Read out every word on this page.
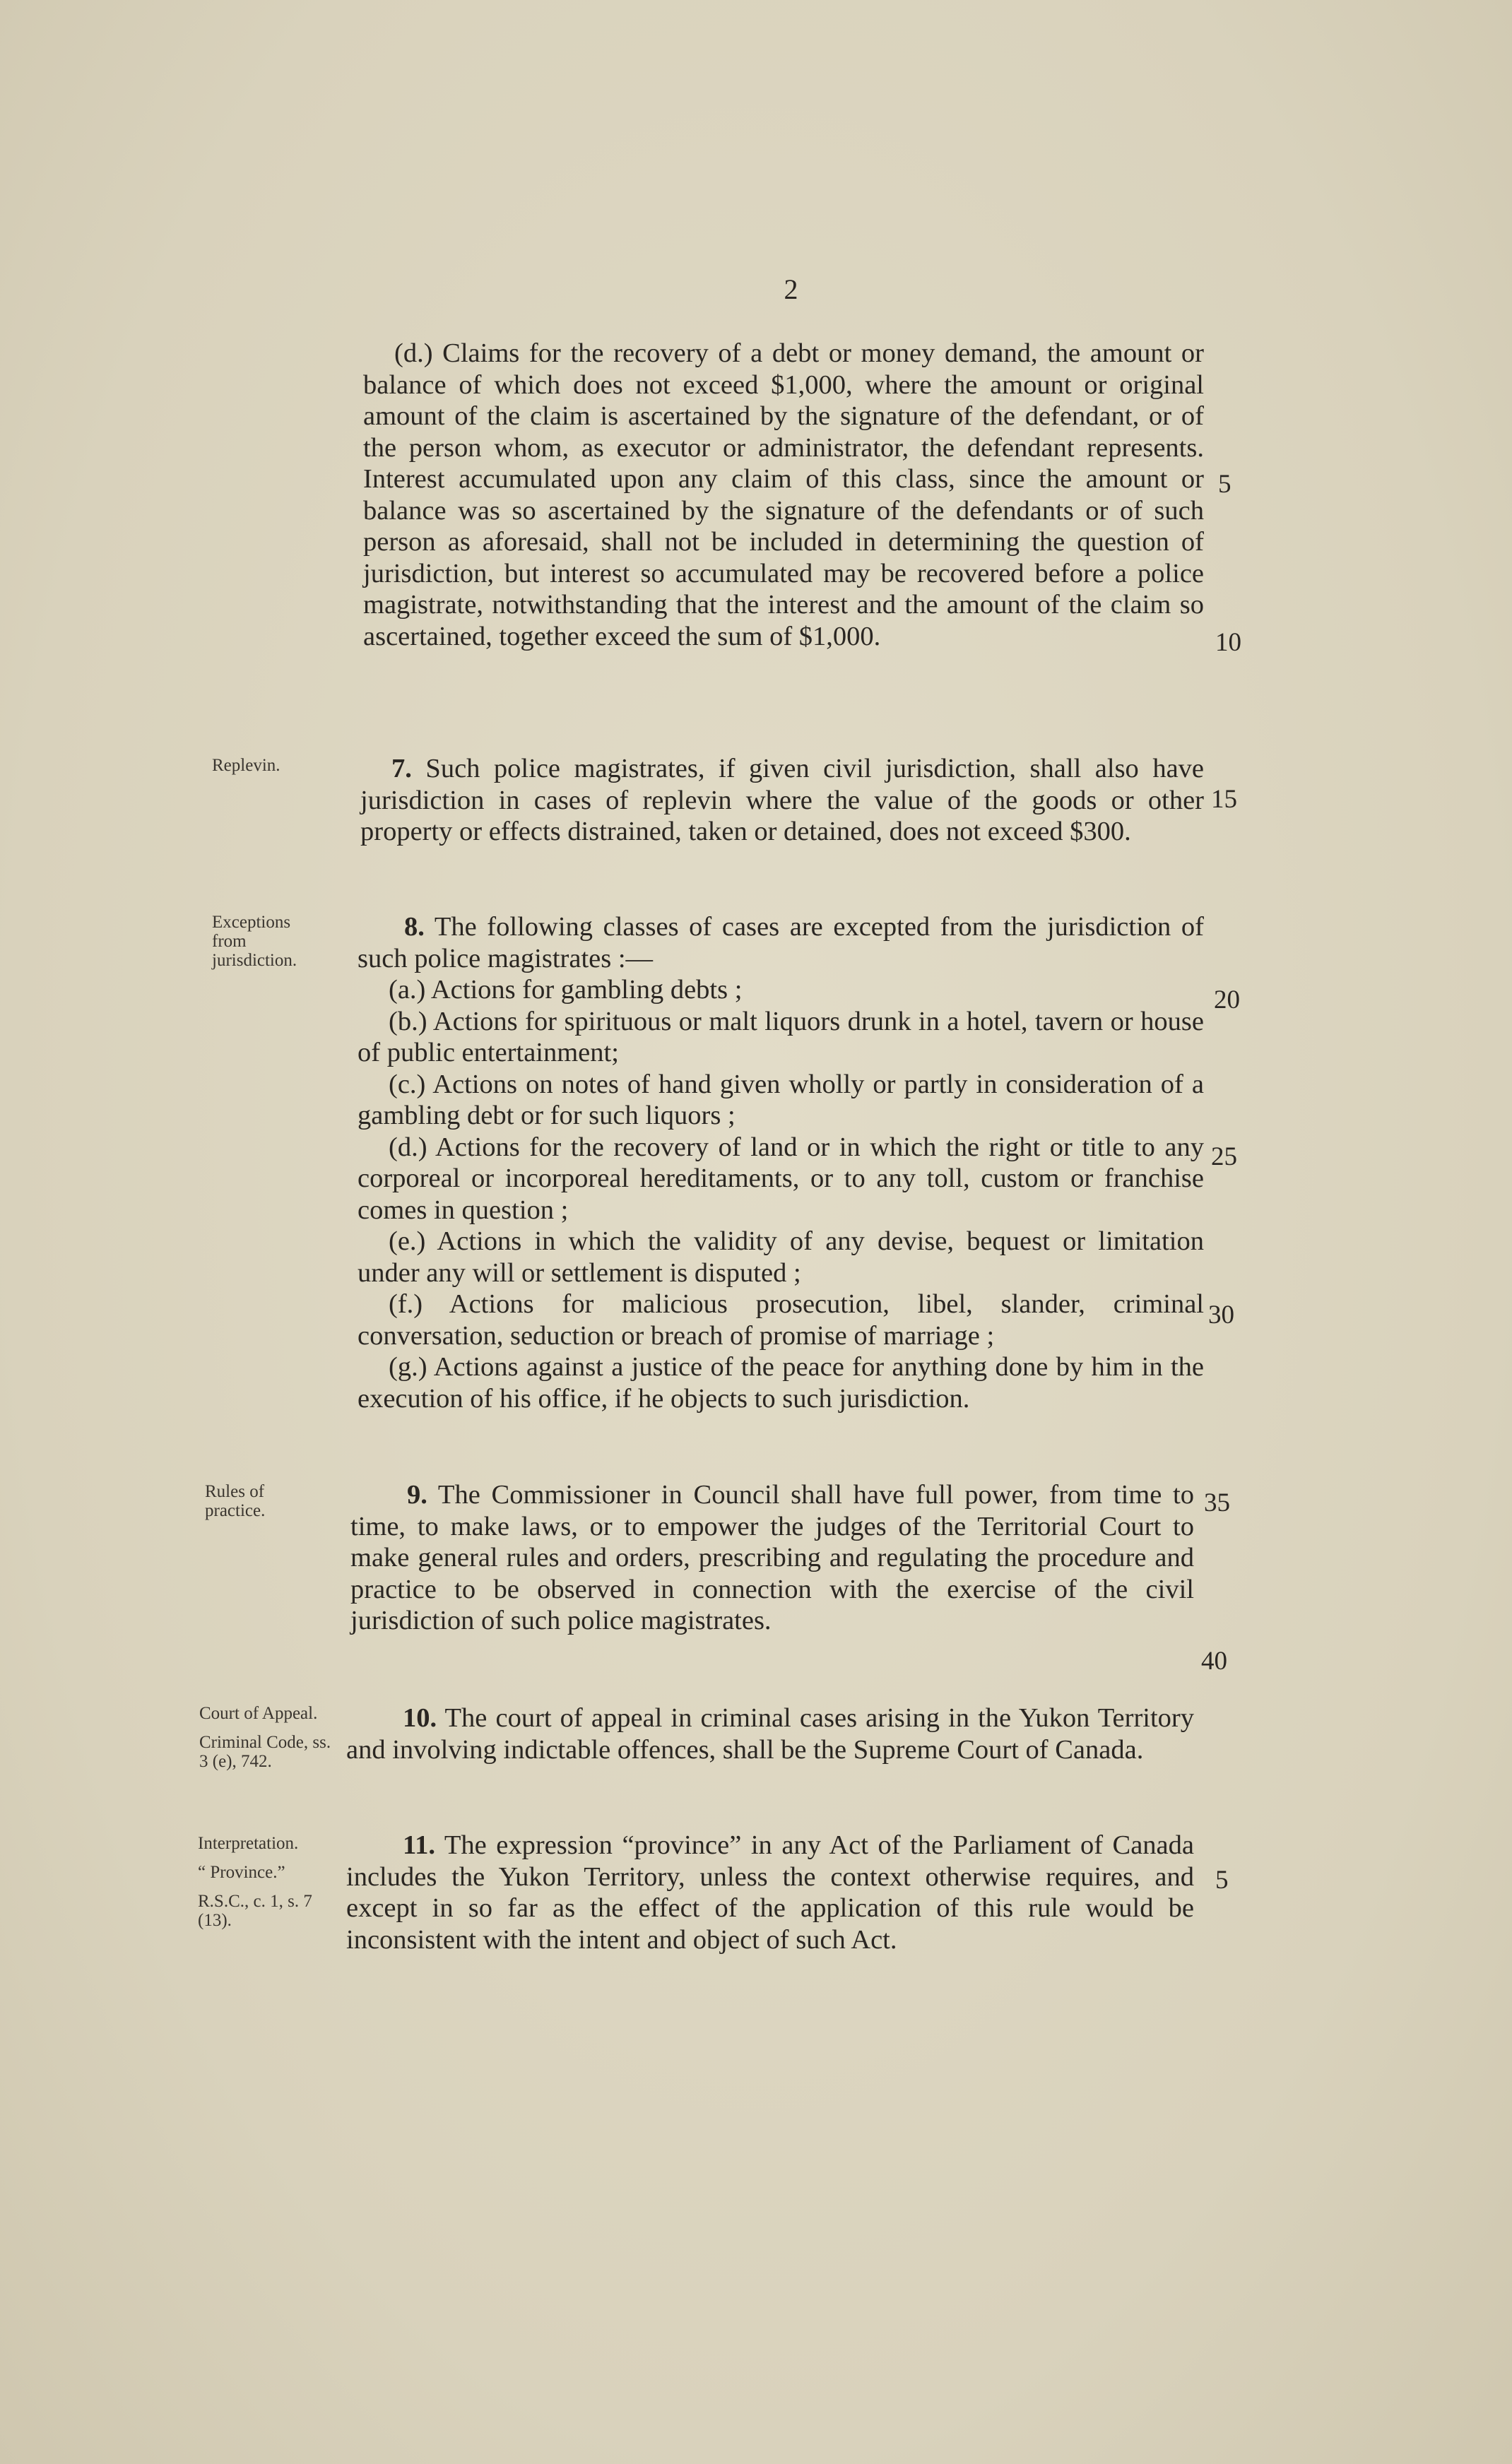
2

(d.) Claims for the recovery of a debt or money demand, the amount or balance of which does not exceed $1,000, where the amount or original amount of the claim is ascertained by the signature of the defendant, or of the person whom, as executor or administrator, the defendant represents. Interest accumulated upon any claim of this class, since the amount or balance was so ascertained by the signature of the defendants or of such person as aforesaid, shall not be included in determining the question of jurisdiction, but interest so accumulated may be recovered before a police magistrate, notwithstanding that the interest and the amount of the claim so ascertained, together exceed the sum of $1,000.

Replevin.	7. Such police magistrates, if given civil jurisdiction, shall also have jurisdiction in cases of replevin where the value of the goods or other property or effects distrained, taken or detained, does not exceed $300.

Exceptions from jurisdiction.

8. The following classes of cases are excepted from the jurisdiction of such police magistrates :—

(a.) Actions for gambling debts ;

(b.) Actions for spirituous or malt liquors drunk in a hotel, tavern or house of public entertainment;

(c.) Actions on notes of hand given wholly or partly in consideration of a gambling debt or for such liquors ;

(d.) Actions for the recovery of land or in which the right or title to any corporeal or incorporeal hereditaments, or to any toll, custom or franchise comes in question ;

(e.) Actions in which the validity of any devise, bequest or limitation under any will or settlement is disputed ;

(f.) Actions for malicious prosecution, libel, slander, criminal conversation, seduction or breach of promise of marriage ;

(g.) Actions against a justice of the peace for anything done by him in the execution of his office, if he objects to such jurisdiction.

Rules of practice.

9. The Commissioner in Council shall have full power, from time to time, to make laws, or to empower the judges of the Territorial Court to make general rules and orders, prescribing and regulating the procedure and practice to be observed in connection with the exercise of the civil jurisdiction of such police magistrates.

Court of Appeal.

Criminal Code, ss. 3 (e), 742.

10. The court of appeal in criminal cases arising in the Yukon Territory and involving indictable offences, shall be the Supreme Court of Canada.

Interpretation.

“ Province.”

R.S.C., c. 1, s. 7 (13).

11. The expression “province” in any Act of the Parliament of Canada includes the Yukon Territory, unless the context otherwise requires, and except in so far as the effect of the application of this rule would be inconsistent with the intent and object of such Act.

5
10
15
20
25
30
35
40
5
